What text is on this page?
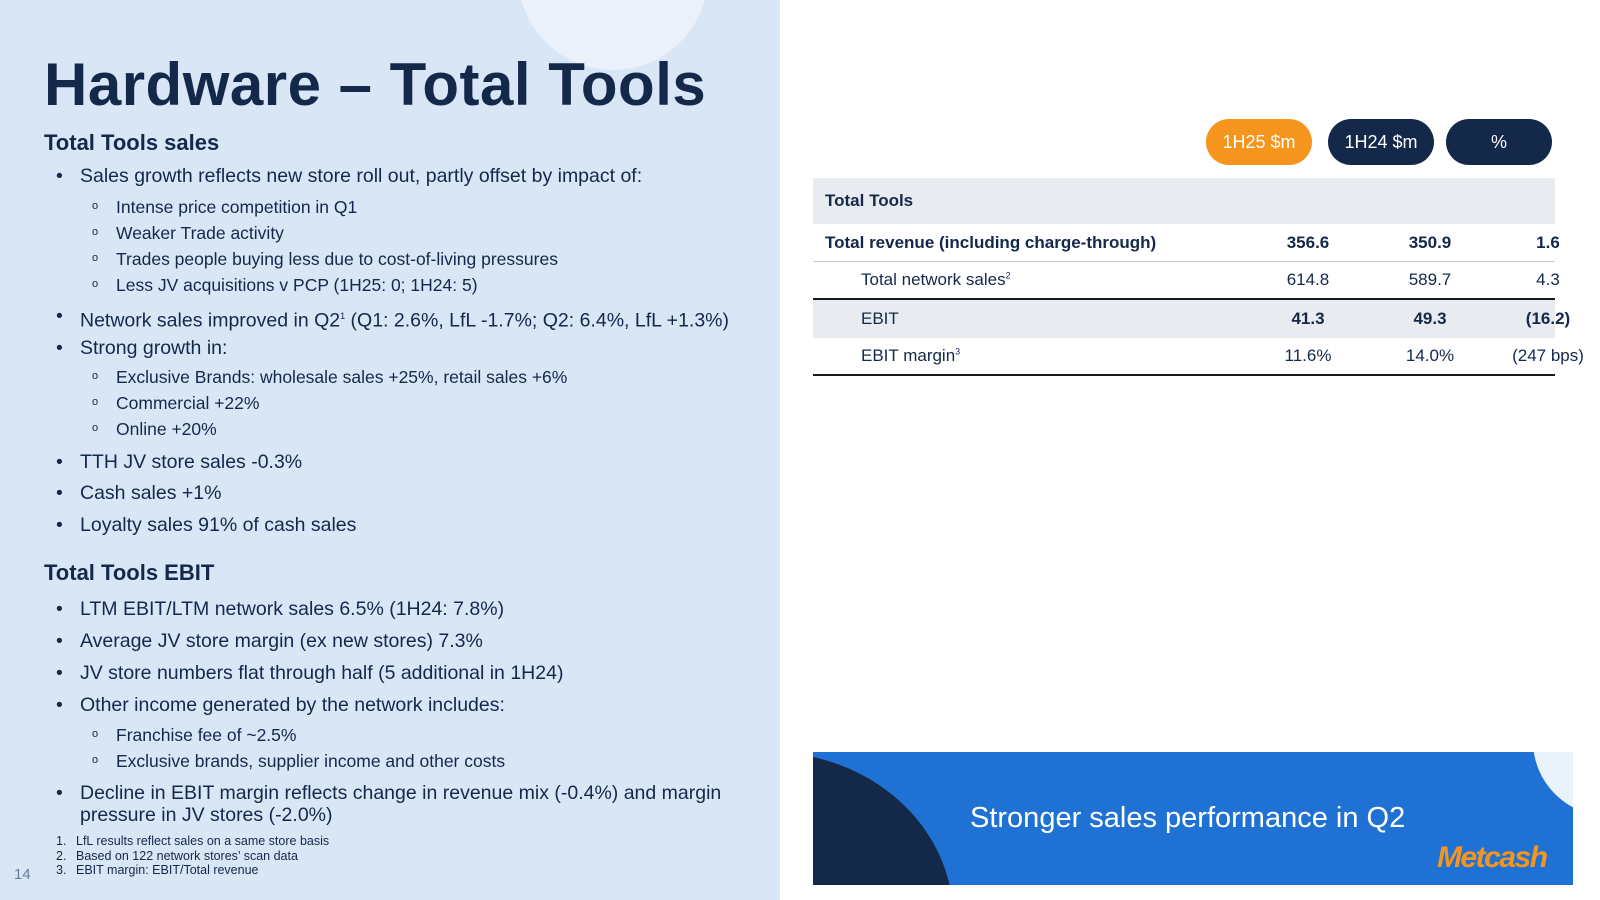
Hardware – Total Tools
Total Tools sales
• Sales growth reflects new store roll out, partly offset by impact of:
o Intense price competition in Q1
o Weaker Trade activity
o Trades people buying less due to cost-of-living pressures
o Less JV acquisitions v PCP (1H25: 0; 1H24: 5)
• Network sales improved in $Q2^1$ (Q1: 2.6%, LfL -1.7%; Q2: 6.4%, LfL +1.3%)
• Strong growth in:
o Exclusive Brands: wholesale sales +25%, retail sales +6%
o Commercial +22%
o Online +20%
• TTH JV store sales -0.3%
• Cash sales +1%
• Loyalty sales 91% of cash sales
Total Tools EBIT
• LTM EBIT/LTM network sales 6.5% (1H24: 7.8%)
• Average JV store margin (ex new stores) 7.3%
• JV store numbers flat through half (5 additional in 1H24)
• Other income generated by the network includes:
o Franchise fee of ~2.5%
o Exclusive brands, supplier income and other costs
• Decline in EBIT margin reflects change in revenue mix (-0.4%) and margin pressure in JV stores (-2.0%)
1. LfL results reflect sales on a same store basis
2. Based on 122 network stores’ scan data
3. EBIT margin: EBIT/Total revenue
14
1H25 $m	1H24 $m	%
Total Tools
Total revenue (including charge-through)	356.6	350.9	1.6
Total network sales$^2$	614.8	589.7	4.3
EBIT	41.3	49.3	(16.2)
EBIT margin$^3$	11.6%	14.0%	(247 bps)
Stronger sales performance in Q2
Metcash
